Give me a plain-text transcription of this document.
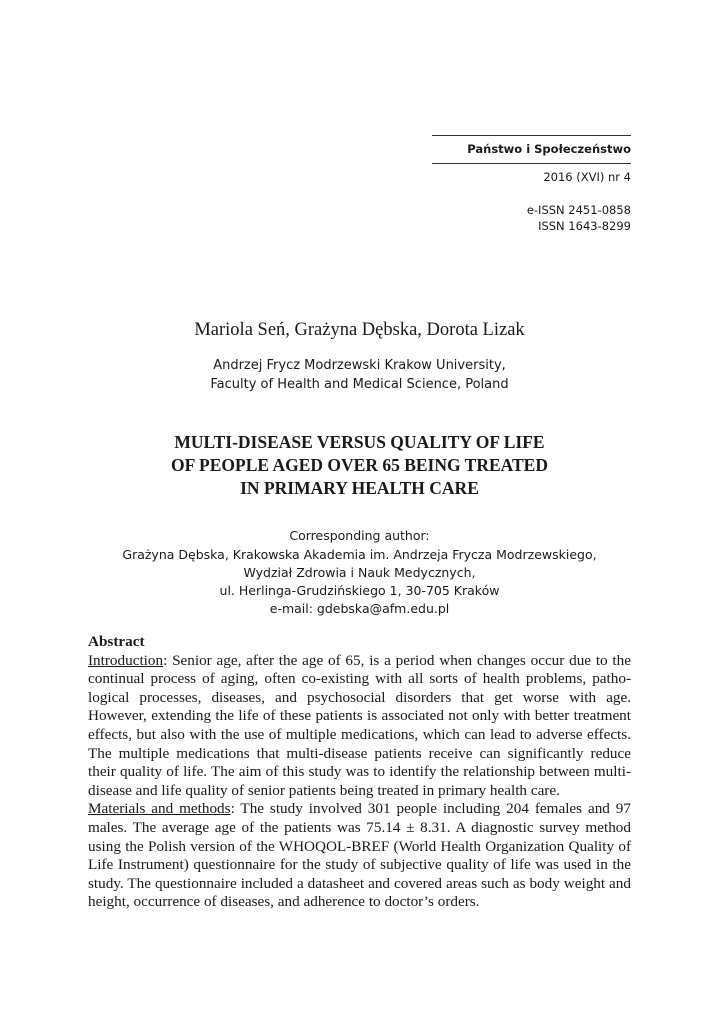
Państwo i Społeczeństwo
2016 (XVI) nr 4
e-ISSN 2451-0858
ISSN 1643-8299
Mariola Seń, Grażyna Dębska, Dorota Lizak
Andrzej Frycz Modrzewski Krakow University,
Faculty of Health and Medical Science, Poland
MULTI-DISEASE VERSUS QUALITY OF LIFE
OF PEOPLE AGED OVER 65 BEING TREATED
IN PRIMARY HEALTH CARE
Corresponding author:
Grażyna Dębska, Krakowska Akademia im. Andrzeja Frycza Modrzewskiego,
Wydział Zdrowia i Nauk Medycznych,
ul. Herlinga-Grudzińskiego 1, 30-705 Kraków
e-mail: gdebska@afm.edu.pl
Abstract

Introduction: Senior age, after the age of 65, is a period when changes occur due to the continual process of aging, often co-existing with all sorts of health problems, pathological processes, diseases, and psychosocial disorders that get worse with age. However, extending the life of these patients is associated not only with better treatment effects, but also with the use of multiple medications, which can lead to adverse effects. The multiple medications that multi-disease patients receive can significantly reduce their quality of life. The aim of this study was to identify the relationship between multi-disease and life quality of senior patients being treated in primary health care.

Materials and methods: The study involved 301 people including 204 females and 97 males. The average age of the patients was 75.14 ± 8.31. A diagnostic survey method using the Polish version of the WHOQOL-BREF (World Health Organization Quality of Life Instrument) questionnaire for the study of subjective quality of life was used in the study. The questionnaire included a datasheet and covered areas such as body weight and height, occurrence of diseases, and adherence to doctor’s orders.
